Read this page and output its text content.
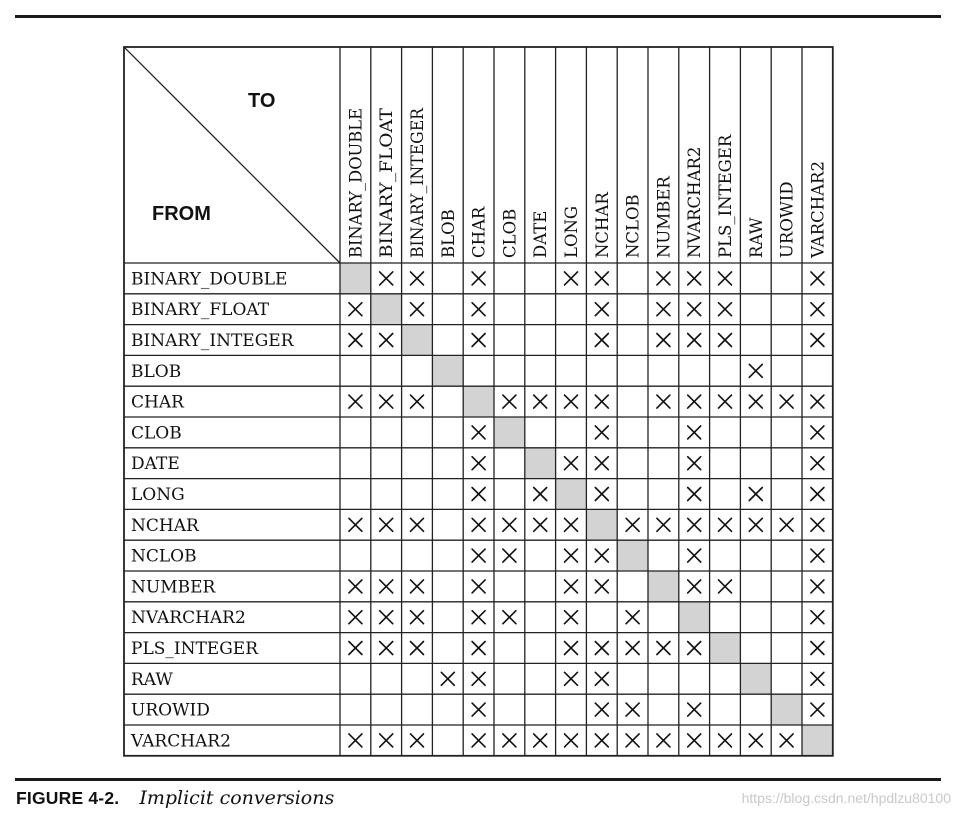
TO
FROM	BINARY_DOUBLE BINARY_FLOAT BINARY_INTEGER BLOB CHAR CLOB DATE LONG NCHAR NCLOB NUMBER NVARCHAR2 PLS_INTEGER RAW UROWID VARCHAR2
BINARY_DOUBLE
BINARY_FLOAT
BINARY_INTEGER
BLOB
CHAR
CLOB
DATE
LONG
NCHAR
NCLOB
NUMBER
NVARCHAR2
PLS_INTEGER
RAW
UROWID
VARCHAR2
FIGURE 4-2. Implicit conversions	https://blog.csdn.net/hpdlzu80100
